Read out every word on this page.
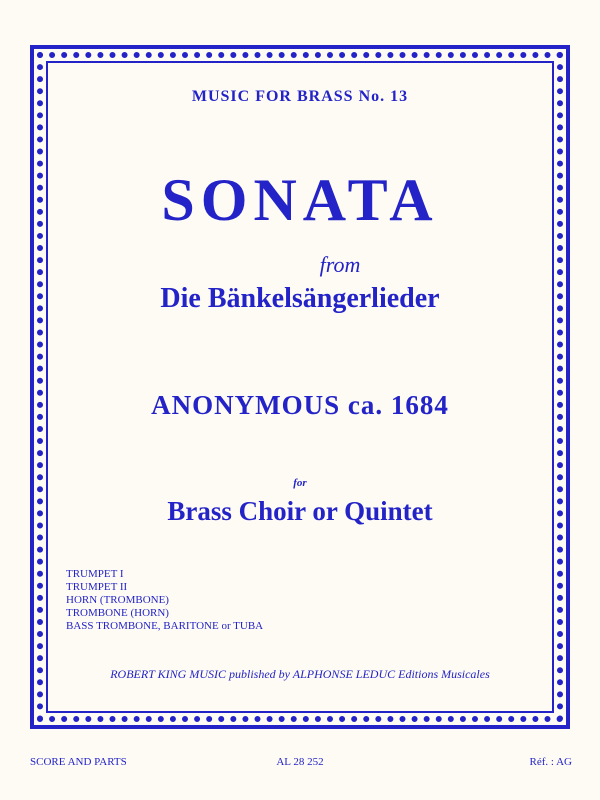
MUSIC FOR BRASS No. 13
SONATA
from
Die Bänkelsängerlieder
ANONYMOUS ca. 1684
for
Brass Choir or Quintet
TRUMPET I
TRUMPET II
HORN (TROMBONE)
TROMBONE (HORN)
BASS TROMBONE, BARITONE or TUBA
ROBERT KING MUSIC published by ALPHONSE LEDUC Editions Musicales
SCORE AND PARTS	AL 28 252	Réf. : AG
